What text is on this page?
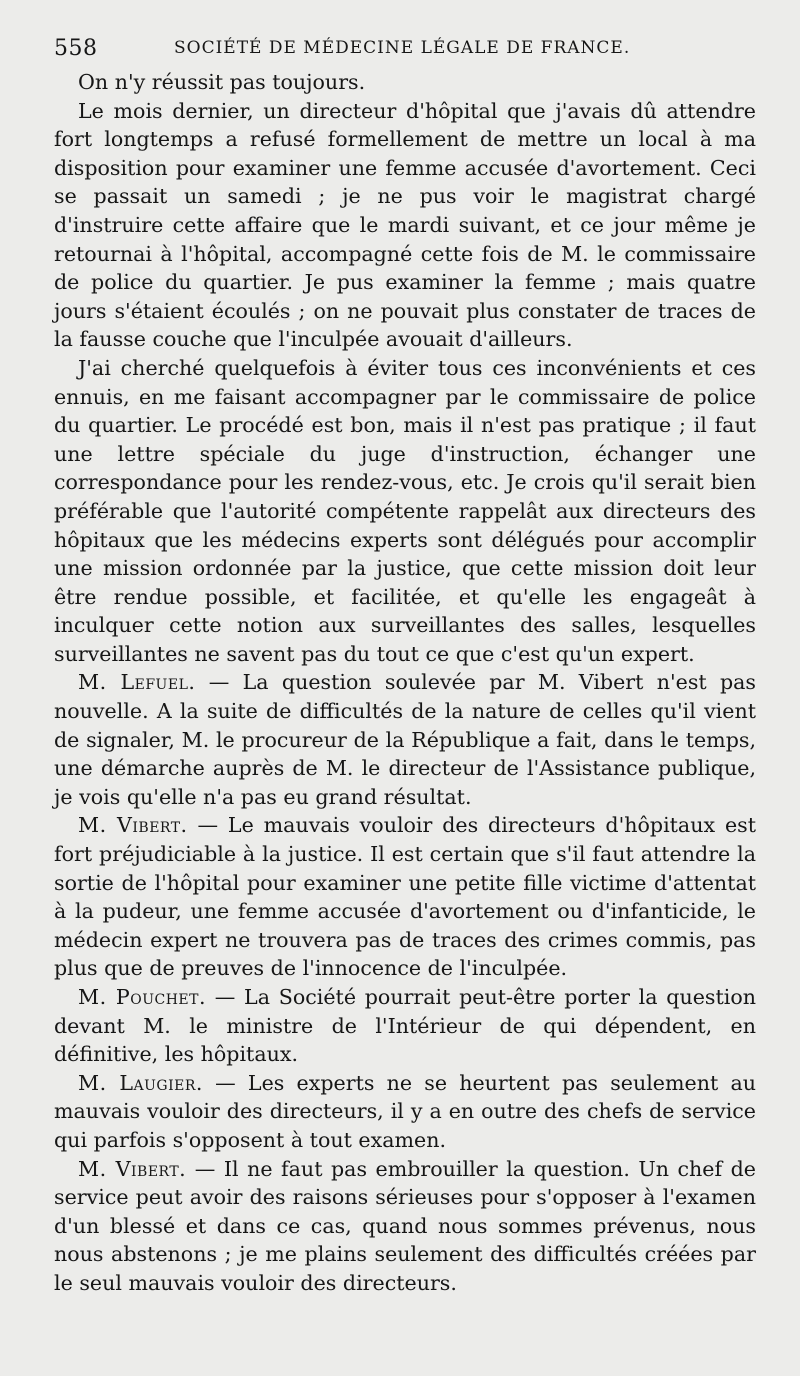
558	SOCIÉTÉ DE MÉDECINE LÉGALE DE FRANCE.

On n'y réussit pas toujours.

Le mois dernier, un directeur d'hôpital que j'avais dû attendre fort longtemps a refusé formellement de mettre un local à ma disposition pour examiner une femme accusée d'avortement. Ceci se passait un samedi ; je ne pus voir le magistrat chargé d'instruire cette affaire que le mardi suivant, et ce jour même je retournai à l'hôpital, accompagné cette fois de M. le commissaire de police du quartier. Je pus examiner la femme ; mais quatre jours s'étaient écoulés ; on ne pouvait plus constater de traces de la fausse couche que l'inculpée avouait d'ailleurs.

J'ai cherché quelquefois à éviter tous ces inconvénients et ces ennuis, en me faisant accompagner par le commissaire de police du quartier. Le procédé est bon, mais il n'est pas pratique ; il faut une lettre spéciale du juge d'instruction, échanger une correspondance pour les rendez-vous, etc. Je crois qu'il serait bien préférable que l'autorité compétente rappelât aux directeurs des hôpitaux que les médecins experts sont délégués pour accomplir une mission ordonnée par la justice, que cette mission doit leur être rendue possible, et facilitée, et qu'elle les engageât à inculquer cette notion aux surveillantes des salles, lesquelles surveillantes ne savent pas du tout ce que c'est qu'un expert.

M. Lefuel. — La question soulevée par M. Vibert n'est pas nouvelle. A la suite de difficultés de la nature de celles qu'il vient de signaler, M. le procureur de la République a fait, dans le temps, une démarche auprès de M. le directeur de l'Assistance publique, je vois qu'elle n'a pas eu grand résultat.

M. Vibert. — Le mauvais vouloir des directeurs d'hôpitaux est fort préjudiciable à la justice. Il est certain que s'il faut attendre la sortie de l'hôpital pour examiner une petite fille victime d'attentat à la pudeur, une femme accusée d'avortement ou d'infanticide, le médecin expert ne trouvera pas de traces des crimes commis, pas plus que de preuves de l'innocence de l'inculpée.

M. Pouchet. — La Société pourrait peut-être porter la question devant M. le ministre de l'Intérieur de qui dépendent, en définitive, les hôpitaux.

M. Laugier. — Les experts ne se heurtent pas seulement au mauvais vouloir des directeurs, il y a en outre des chefs de service qui parfois s'opposent à tout examen.

M. Vibert. — Il ne faut pas embrouiller la question. Un chef de service peut avoir des raisons sérieuses pour s'opposer à l'examen d'un blessé et dans ce cas, quand nous sommes prévenus, nous nous abstenons ; je me plains seulement des difficultés créées par le seul mauvais vouloir des directeurs.
